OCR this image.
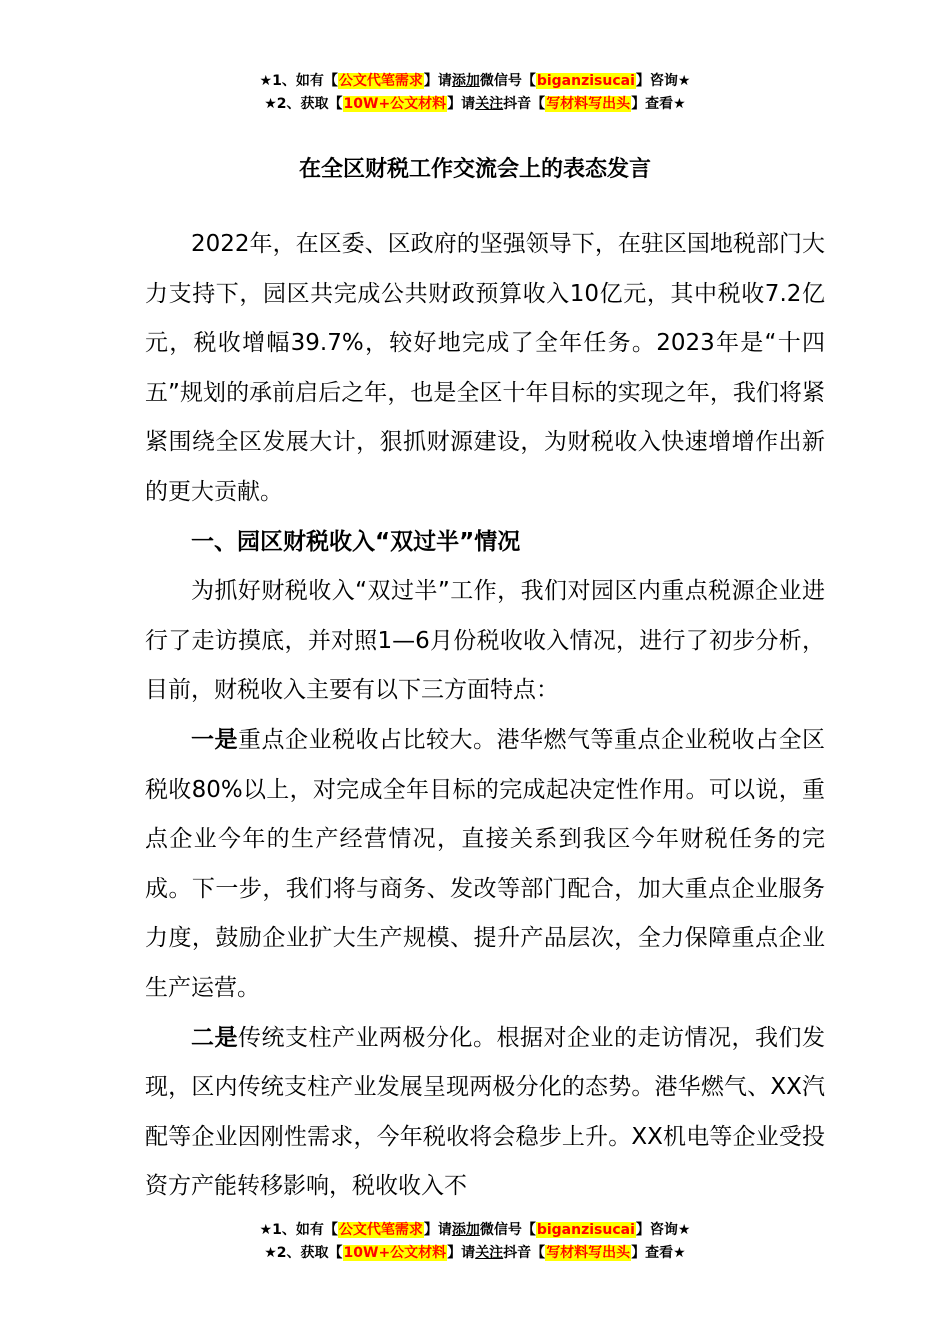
★1、如有【公文代笔需求】请添加微信号【biganzisucai】咨询★
★2、获取【10W+公文材料】请关注抖音【写材料写出头】查看★
在全区财税工作交流会上的表态发言

2022年，在区委、区政府的坚强领导下，在驻区国地税部门大力支持下，园区共完成公共财政预算收入10亿元，其中税收7.2亿元，税收增幅39.7%，较好地完成了全年任务。2023年是“十四五”规划的承前启后之年，也是全区十年目标的实现之年，我们将紧紧围绕全区发展大计，狠抓财源建设，为财税收入快速增增作出新的更大贡献。

一、园区财税收入“双过半”情况

为抓好财税收入“双过半”工作，我们对园区内重点税源企业进行了走访摸底，并对照1—6月份税收收入情况，进行了初步分析，目前，财税收入主要有以下三方面特点：

一是重点企业税收占比较大。港华燃气等重点企业税收占全区税收80%以上，对完成全年目标的完成起决定性作用。可以说，重点企业今年的生产经营情况，直接关系到我区今年财税任务的完成。下一步，我们将与商务、发改等部门配合，加大重点企业服务力度，鼓励企业扩大生产规模、提升产品层次，全力保障重点企业生产运营。

二是传统支柱产业两极分化。根据对企业的走访情况，我们发现，区内传统支柱产业发展呈现两极分化的态势。港华燃气、XX汽配等企业因刚性需求，今年税收将会稳步上升。XX机电等企业受投资方产能转移影响，税收收入不

★1、如有【公文代笔需求】请添加微信号【biganzisucai】咨询★
★2、获取【10W+公文材料】请关注抖音【写材料写出头】查看★
